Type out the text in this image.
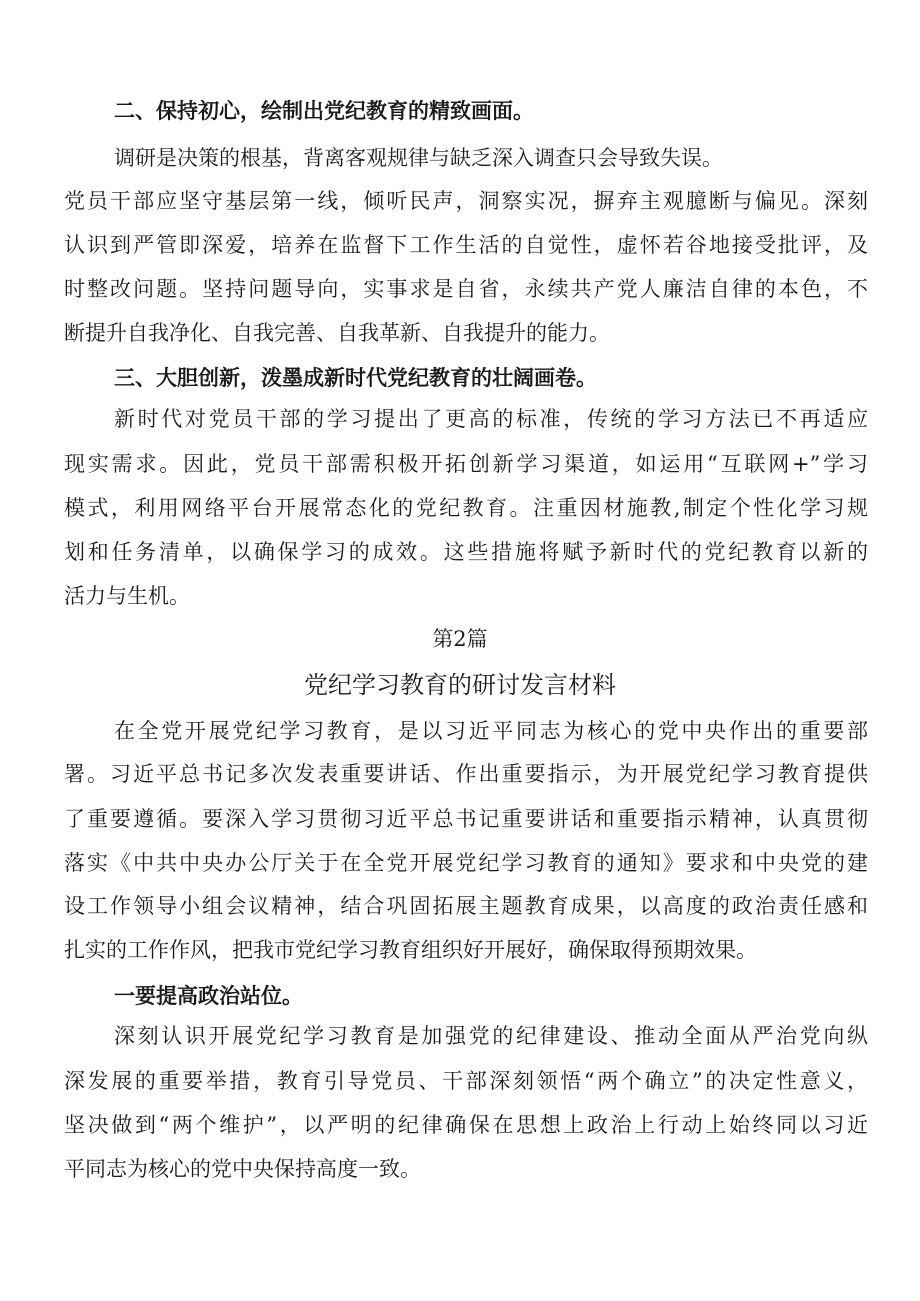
二、保持初心，绘制出党纪教育的精致画面。
调研是决策的根基，背离客观规律与缺乏深入调查只会导致失误。
党员干部应坚守基层第一线，倾听民声，洞察实况，摒弃主观臆断与偏见。深刻
认识到严管即深爱，培养在监督下工作生活的自觉性，虚怀若谷地接受批评，及
时整改问题。坚持问题导向，实事求是自省，永续共产党人廉洁自律的本色，不
断提升自我净化、自我完善、自我革新、自我提升的能力。
三、大胆创新，泼墨成新时代党纪教育的壮阔画卷。
新时代对党员干部的学习提出了更高的标准，传统的学习方法已不再适应
现实需求。因此，党员干部需积极开拓创新学习渠道，如运用“互联网+”学习
模式，利用网络平台开展常态化的党纪教育。注重因材施教,制定个性化学习规
划和任务清单，以确保学习的成效。这些措施将赋予新时代的党纪教育以新的
活力与生机。
第2篇
党纪学习教育的研讨发言材料
在全党开展党纪学习教育，是以习近平同志为核心的党中央作出的重要部
署。习近平总书记多次发表重要讲话、作出重要指示，为开展党纪学习教育提供
了重要遵循。要深入学习贯彻习近平总书记重要讲话和重要指示精神，认真贯彻
落实《中共中央办公厅关于在全党开展党纪学习教育的通知》要求和中央党的建
设工作领导小组会议精神，结合巩固拓展主题教育成果，以高度的政治责任感和
扎实的工作作风，把我市党纪学习教育组织好开展好，确保取得预期效果。
一要提高政治站位。
深刻认识开展党纪学习教育是加强党的纪律建设、推动全面从严治党向纵
深发展的重要举措，教育引导党员、干部深刻领悟“两个确立”的决定性意义，
坚决做到“两个维护”，以严明的纪律确保在思想上政治上行动上始终同以习近
平同志为核心的党中央保持高度一致。
